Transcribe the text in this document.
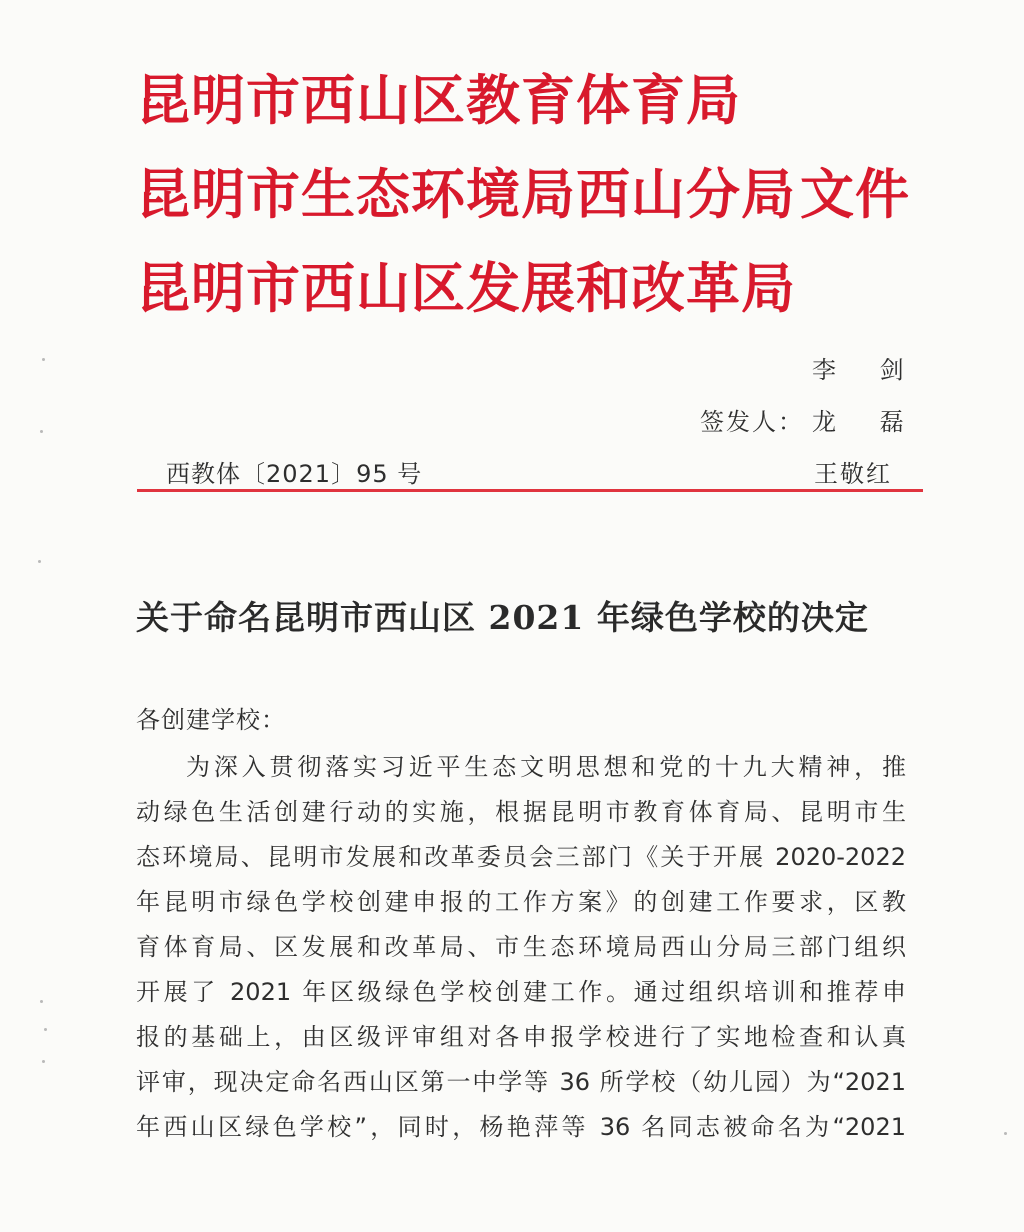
昆明市西山区教育体育局
昆明市生态环境局西山分局 文件
昆明市西山区发展和改革局
李 剑
签发人： 龙 磊
王敬红
西教体〔2021〕95 号
关于命名昆明市西山区 2021 年绿色学校的决定
各创建学校：
为深入贯彻落实习近平生态文明思想和党的十九大精神，推
动绿色生活创建行动的实施，根据昆明市教育体育局、昆明市生
态环境局、昆明市发展和改革委员会三部门《关于开展 2020-2022
年昆明市绿色学校创建申报的工作方案》的创建工作要求，区教
育体育局、区发展和改革局、市生态环境局西山分局三部门组织
开展了 2021 年区级绿色学校创建工作。通过组织培训和推荐申
报的基础上，由区级评审组对各申报学校进行了实地检查和认真
评审，现决定命名西山区第一中学等 36 所学校（幼儿园）为“2021
年西山区绿色学校”，同时，杨艳萍等 36 名同志被命名为“2021
